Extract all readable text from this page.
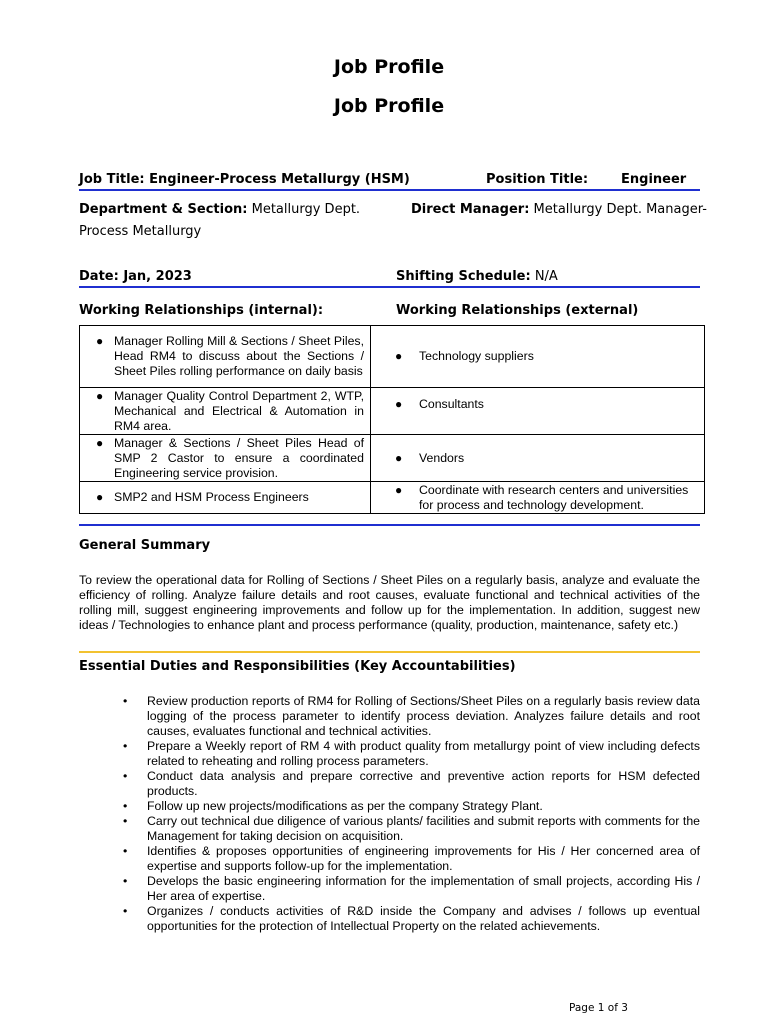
Job Profile
Job Profile
Job Title: Engineer-Process Metallurgy (HSM)	Position Title:	Engineer
Department & Section: Metallurgy Dept.	Direct Manager: Metallurgy Dept. Manager-
Process Metallurgy
Date: Jan, 2023	Shifting Schedule: N/A
Working Relationships (internal):	Working Relationships (external)
● Manager Rolling Mill & Sections / Sheet Piles, Head RM4 to discuss about the Sections / Sheet Piles rolling performance on daily basis	● Technology suppliers

● Manager Quality Control Department 2, WTP, Mechanical and Electrical & Automation in RM4 area.	● Consultants

● Manager & Sections / Sheet Piles Head of SMP 2 Castor to ensure a coordinated Engineering service provision.	● Vendors

● SMP2 and HSM Process Engineers	● Coordinate with research centers and universities for process and technology development.
General Summary
To review the operational data for Rolling of Sections / Sheet Piles on a regularly basis, analyze and evaluate the efficiency of rolling. Analyze failure details and root causes, evaluate functional and technical activities of the rolling mill, suggest engineering improvements and follow up for the implementation. In addition, suggest new ideas / Technologies to enhance plant and process performance (quality, production, maintenance, safety etc.)
Essential Duties and Responsibilities (Key Accountabilities)
• Review production reports of RM4 for Rolling of Sections/Sheet Piles on a regularly basis review data logging of the process parameter to identify process deviation. Analyzes failure details and root causes, evaluates functional and technical activities.
• Prepare a Weekly report of RM 4 with product quality from metallurgy point of view including defects related to reheating and rolling process parameters.
• Conduct data analysis and prepare corrective and preventive action reports for HSM defected products.
• Follow up new projects/modifications as per the company Strategy Plant.
• Carry out technical due diligence of various plants/ facilities and submit reports with comments for the Management for taking decision on acquisition.
• Identifies & proposes opportunities of engineering improvements for His / Her concerned area of expertise and supports follow-up for the implementation.
• Develops the basic engineering information for the implementation of small projects, according His / Her area of expertise.
• Organizes / conducts activities of R&D inside the Company and advises / follows up eventual opportunities for the protection of Intellectual Property on the related achievements.
Page 1 of 3
